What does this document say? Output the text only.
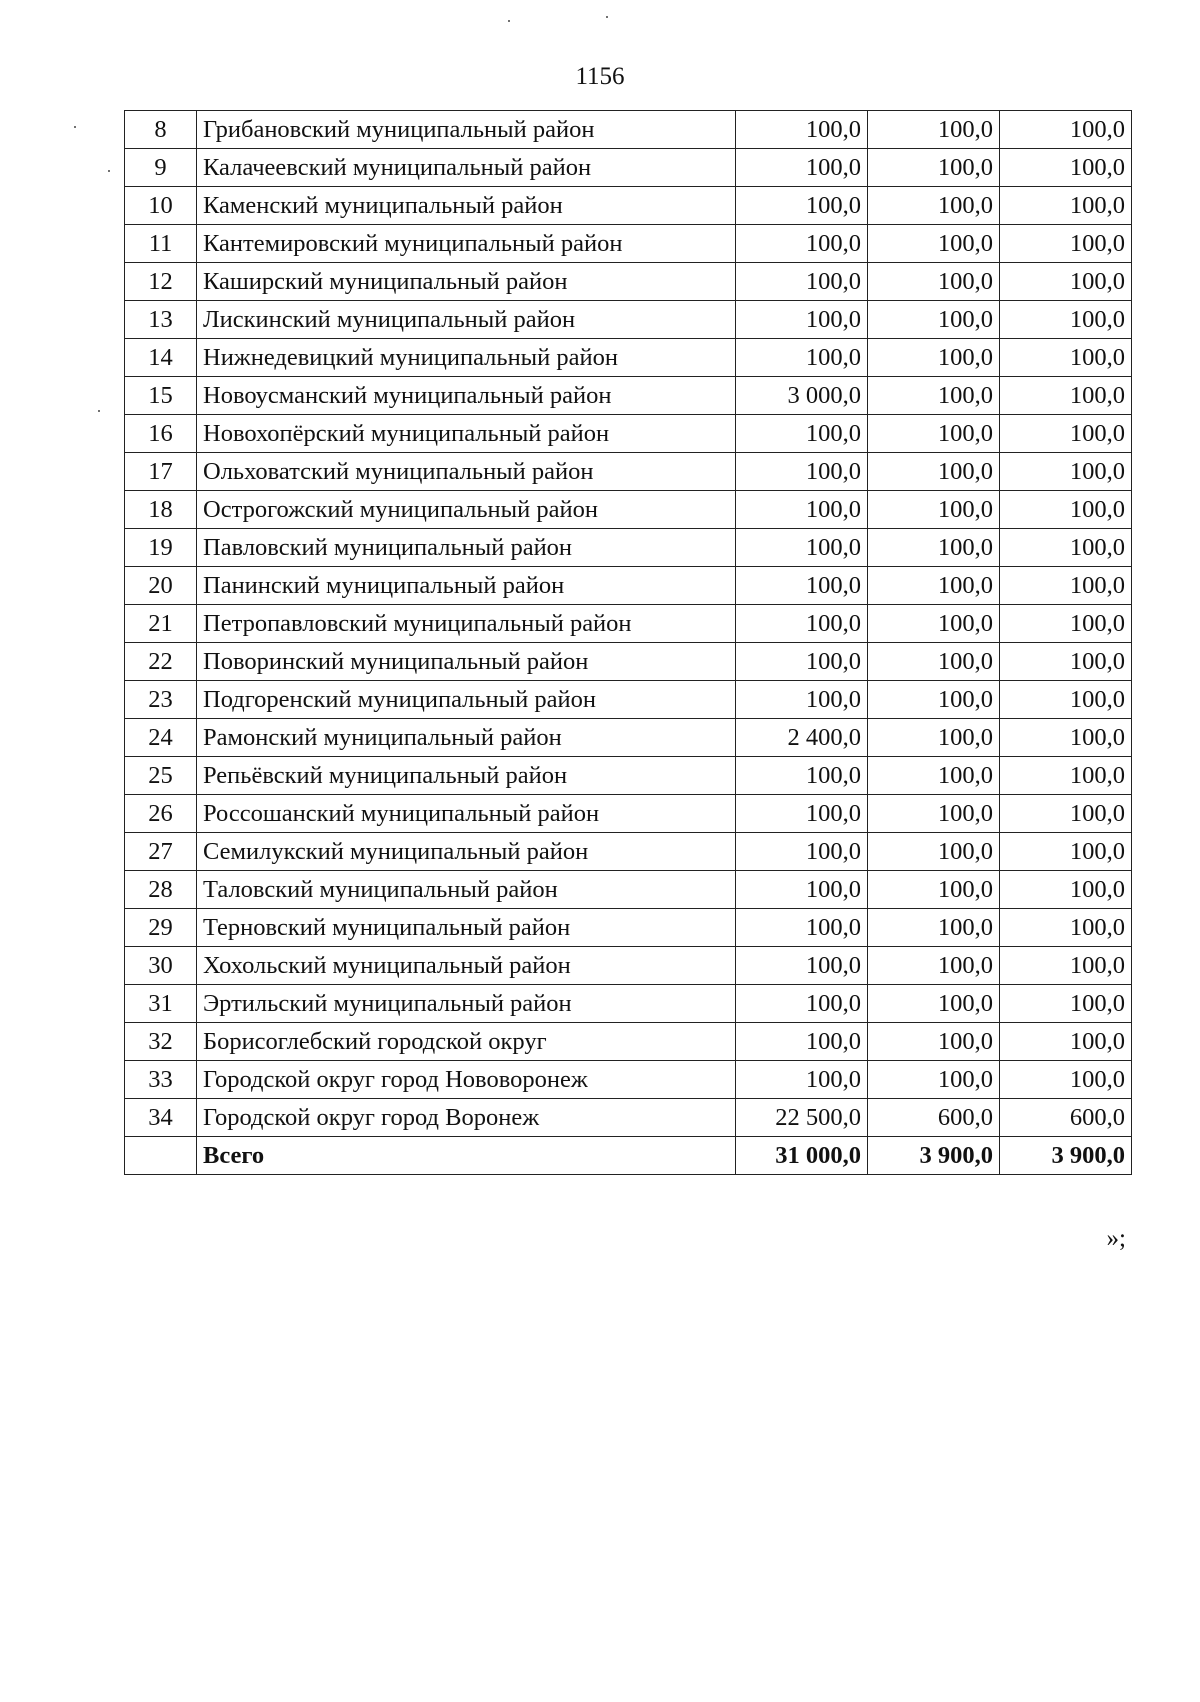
1156
8	Грибановский муниципальный район	100,0	100,0	100,0
9	Калачеевский муниципальный район	100,0	100,0	100,0
10	Каменский муниципальный район	100,0	100,0	100,0
11	Кантемировский муниципальный район	100,0	100,0	100,0
12	Каширский муниципальный район	100,0	100,0	100,0
13	Лискинский муниципальный район	100,0	100,0	100,0
14	Нижнедевицкий муниципальный район	100,0	100,0	100,0
15	Новоусманский муниципальный район	3 000,0	100,0	100,0
16	Новохопёрский муниципальный район	100,0	100,0	100,0
17	Ольховатский муниципальный район	100,0	100,0	100,0
18	Острогожский муниципальный район	100,0	100,0	100,0
19	Павловский муниципальный район	100,0	100,0	100,0
20	Панинский муниципальный район	100,0	100,0	100,0
21	Петропавловский муниципальный район	100,0	100,0	100,0
22	Поворинский муниципальный район	100,0	100,0	100,0
23	Подгоренский муниципальный район	100,0	100,0	100,0
24	Рамонский муниципальный район	2 400,0	100,0	100,0
25	Репьёвский муниципальный район	100,0	100,0	100,0
26	Россошанский муниципальный район	100,0	100,0	100,0
27	Семилукский муниципальный район	100,0	100,0	100,0
28	Таловский муниципальный район	100,0	100,0	100,0
29	Терновский муниципальный район	100,0	100,0	100,0
30	Хохольский муниципальный район	100,0	100,0	100,0
31	Эртильский муниципальный район	100,0	100,0	100,0
32	Борисоглебский городской округ	100,0	100,0	100,0
33	Городской округ город Нововоронеж	100,0	100,0	100,0
34	Городской округ город Воронеж	22 500,0	600,0	600,0
	Всего	31 000,0	3 900,0	3 900,0
»;
